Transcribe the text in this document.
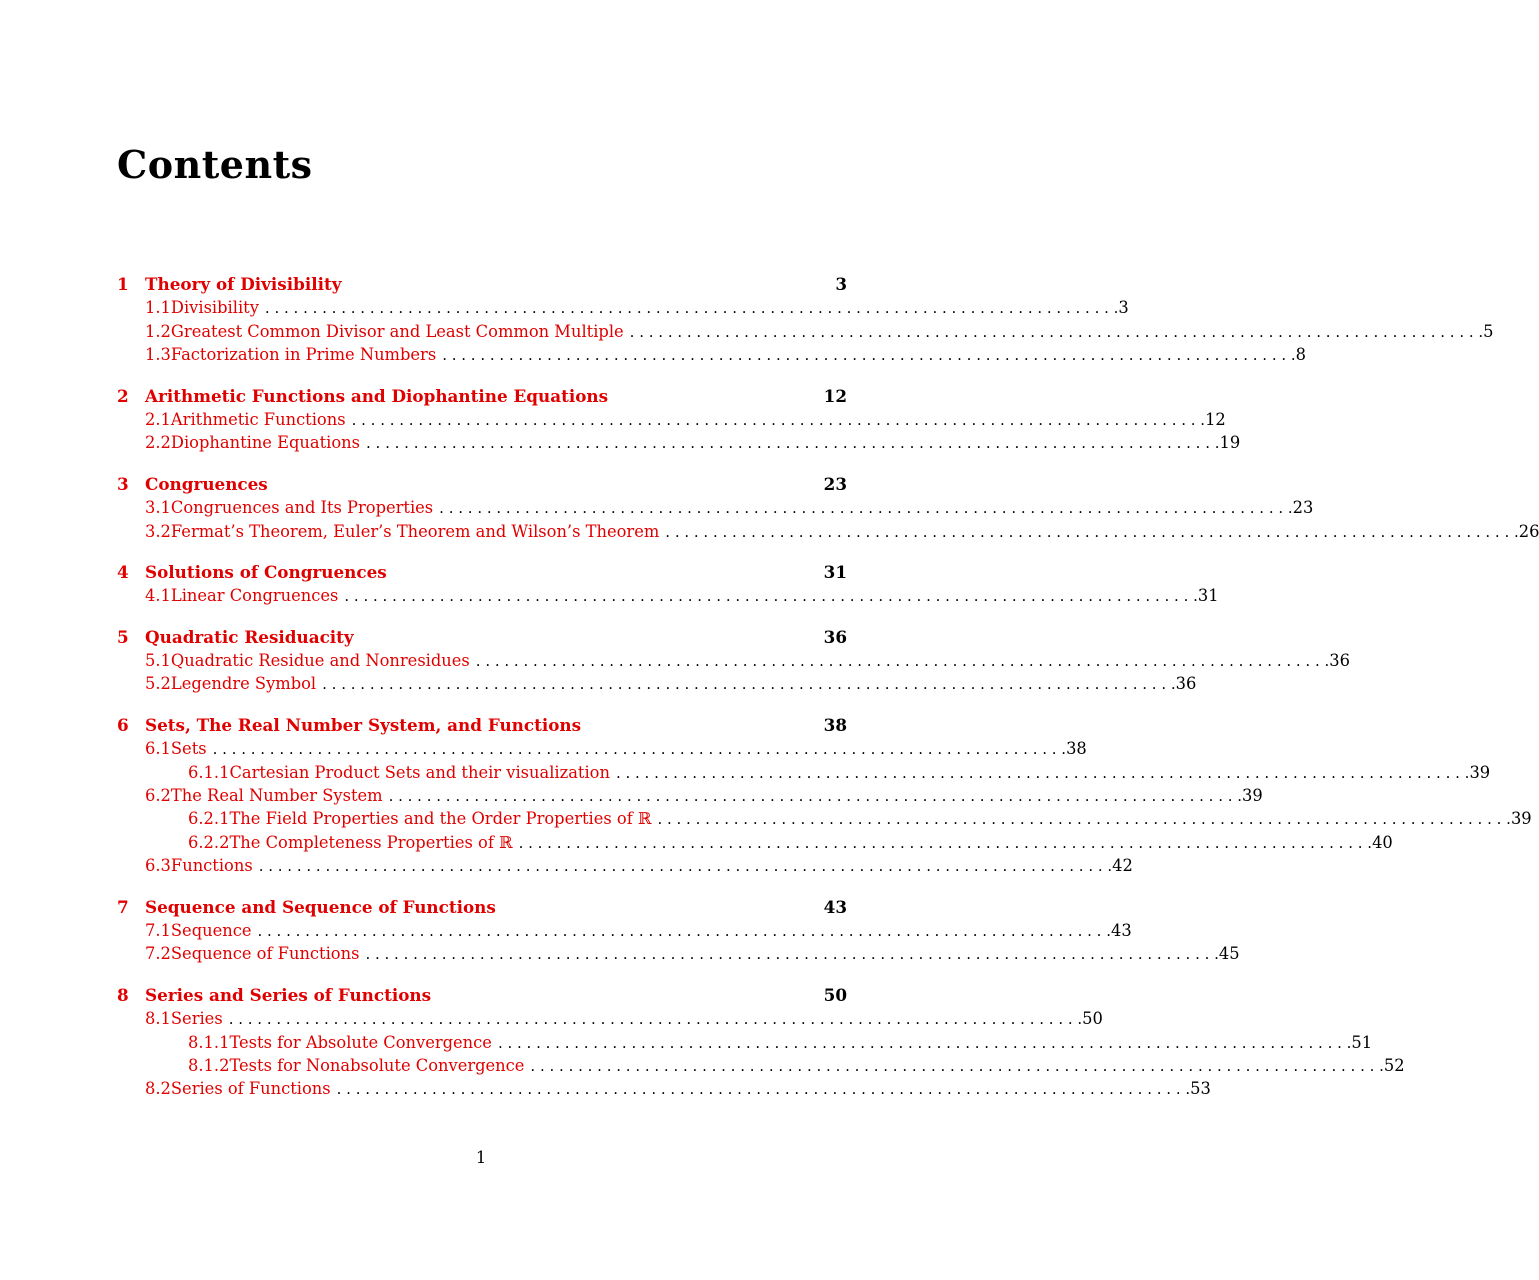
Contents
1 Theory of Divisibility	3
1.1 Divisibility . . . . . . . . . . . . . . . . . . . . . . . . . . . . . . . . . . . . . . . . . . . . . . . . . . . . . . . . . . . . . . . . . . . . . . . . . . . . . . . . . . . . . . . . . . 3
1.2 Greatest Common Divisor and Least Common Multiple . . . . . . . . . . . . . . . . . . . . . . . . . . . . . . . . . . . . . . . . . . . . . . . . . . . . . . . . . . . . . . . . . . . . . . . . . . . . . . . . . . . . . . . . . . 5
1.3 Factorization in Prime Numbers . . . . . . . . . . . . . . . . . . . . . . . . . . . . . . . . . . . . . . . . . . . . . . . . . . . . . . . . . . . . . . . . . . . . . . . . . . . . . . . . . . . . . . . . . . 8
2 Arithmetic Functions and Diophantine Equations	12
2.1 Arithmetic Functions . . . . . . . . . . . . . . . . . . . . . . . . . . . . . . . . . . . . . . . . . . . . . . . . . . . . . . . . . . . . . . . . . . . . . . . . . . . . . . . . . . . . . . . . . . 12
2.2 Diophantine Equations . . . . . . . . . . . . . . . . . . . . . . . . . . . . . . . . . . . . . . . . . . . . . . . . . . . . . . . . . . . . . . . . . . . . . . . . . . . . . . . . . . . . . . . . . . 19
3 Congruences	23
3.1 Congruences and Its Properties . . . . . . . . . . . . . . . . . . . . . . . . . . . . . . . . . . . . . . . . . . . . . . . . . . . . . . . . . . . . . . . . . . . . . . . . . . . . . . . . . . . . . . . . . . 23
3.2 Fermat’s Theorem, Euler’s Theorem and Wilson’s Theorem . . . . . . . . . . . . . . . . . . . . . . . . . . . . . . . . . . . . . . . . . . . . . . . . . . . . . . . . . . . . . . . . . . . . . . . . . . . . . . . . . . . . . . . . . . 26
4 Solutions of Congruences	31
4.1 Linear Congruences . . . . . . . . . . . . . . . . . . . . . . . . . . . . . . . . . . . . . . . . . . . . . . . . . . . . . . . . . . . . . . . . . . . . . . . . . . . . . . . . . . . . . . . . . . 31
5 Quadratic Residuacity	36
5.1 Quadratic Residue and Nonresidues . . . . . . . . . . . . . . . . . . . . . . . . . . . . . . . . . . . . . . . . . . . . . . . . . . . . . . . . . . . . . . . . . . . . . . . . . . . . . . . . . . . . . . . . . . 36
5.2 Legendre Symbol . . . . . . . . . . . . . . . . . . . . . . . . . . . . . . . . . . . . . . . . . . . . . . . . . . . . . . . . . . . . . . . . . . . . . . . . . . . . . . . . . . . . . . . . . . 36
6 Sets, The Real Number System, and Functions	38
6.1 Sets . . . . . . . . . . . . . . . . . . . . . . . . . . . . . . . . . . . . . . . . . . . . . . . . . . . . . . . . . . . . . . . . . . . . . . . . . . . . . . . . . . . . . . . . . . 38
6.1.1 Cartesian Product Sets and their visualization . . . . . . . . . . . . . . . . . . . . . . . . . . . . . . . . . . . . . . . . . . . . . . . . . . . . . . . . . . . . . . . . . . . . . . . . . . . . . . . . . . . . . . . . . . 39
6.2 The Real Number System . . . . . . . . . . . . . . . . . . . . . . . . . . . . . . . . . . . . . . . . . . . . . . . . . . . . . . . . . . . . . . . . . . . . . . . . . . . . . . . . . . . . . . . . . . 39
6.2.1 The Field Properties and the Order Properties of ℝ . . . . . . . . . . . . . . . . . . . . . . . . . . . . . . . . . . . . . . . . . . . . . . . . . . . . . . . . . . . . . . . . . . . . . . . . . . . . . . . . . . . . . . . . . . 39
6.2.2 The Completeness Properties of ℝ . . . . . . . . . . . . . . . . . . . . . . . . . . . . . . . . . . . . . . . . . . . . . . . . . . . . . . . . . . . . . . . . . . . . . . . . . . . . . . . . . . . . . . . . . . 40
6.3 Functions . . . . . . . . . . . . . . . . . . . . . . . . . . . . . . . . . . . . . . . . . . . . . . . . . . . . . . . . . . . . . . . . . . . . . . . . . . . . . . . . . . . . . . . . . . 42
7 Sequence and Sequence of Functions	43
7.1 Sequence . . . . . . . . . . . . . . . . . . . . . . . . . . . . . . . . . . . . . . . . . . . . . . . . . . . . . . . . . . . . . . . . . . . . . . . . . . . . . . . . . . . . . . . . . . 43
7.2 Sequence of Functions . . . . . . . . . . . . . . . . . . . . . . . . . . . . . . . . . . . . . . . . . . . . . . . . . . . . . . . . . . . . . . . . . . . . . . . . . . . . . . . . . . . . . . . . . . 45
8 Series and Series of Functions	50
8.1 Series . . . . . . . . . . . . . . . . . . . . . . . . . . . . . . . . . . . . . . . . . . . . . . . . . . . . . . . . . . . . . . . . . . . . . . . . . . . . . . . . . . . . . . . . . . 50
8.1.1 Tests for Absolute Convergence . . . . . . . . . . . . . . . . . . . . . . . . . . . . . . . . . . . . . . . . . . . . . . . . . . . . . . . . . . . . . . . . . . . . . . . . . . . . . . . . . . . . . . . . . . 51
8.1.2 Tests for Nonabsolute Convergence . . . . . . . . . . . . . . . . . . . . . . . . . . . . . . . . . . . . . . . . . . . . . . . . . . . . . . . . . . . . . . . . . . . . . . . . . . . . . . . . . . . . . . . . . . 52
8.2 Series of Functions . . . . . . . . . . . . . . . . . . . . . . . . . . . . . . . . . . . . . . . . . . . . . . . . . . . . . . . . . . . . . . . . . . . . . . . . . . . . . . . . . . . . . . . . . . 53
1
